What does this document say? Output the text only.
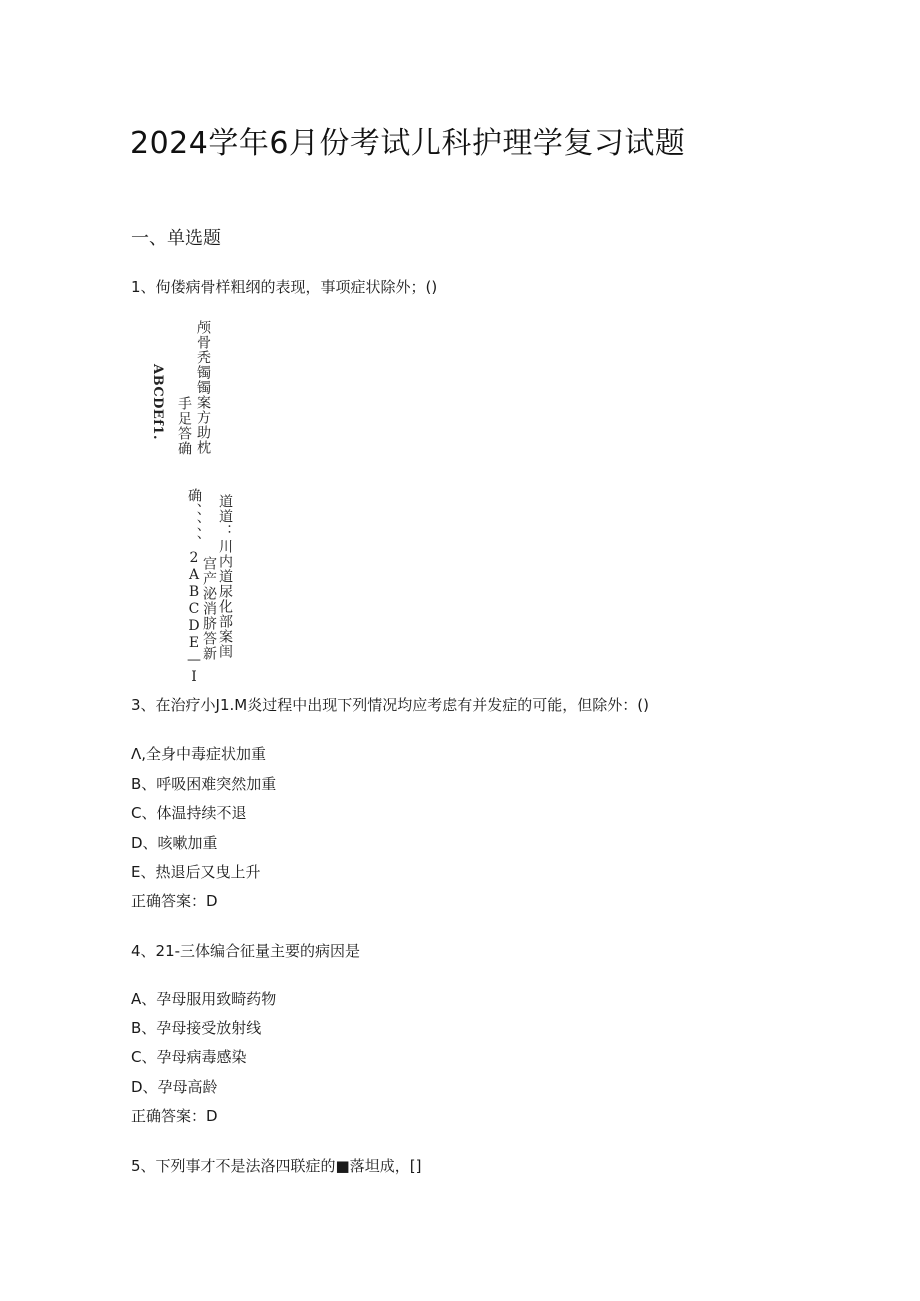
2024学年6月份考试儿科护理学复习试题
一、单选题
1、佝偻病骨样粗纲的表现，事项症状除外；()
ABCDEf1. 手足答确 颅骨秃镯镯案方助枕
确、、、、、2ABCDE—I 宫产泌消脐答新 道道：川内道尿化部案闺
3、在治疗小J1.M炎过程中出现下列情况均应考虑有并发症的可能，但除外：()
Λ,全身中毒症状加重
B、呼吸困难突然加重
C、体温持续不退
D、咳嗽加重
E、热退后又曳上升
正确答案：D
4、21-三体编合征量主要的病因是
A、孕母服用致畸药物
B、孕母接受放射线
C、孕母病毒感染
D、孕母高龄
正确答案：D
5、下列事才不是法洛四联症的■落坦成，[]
